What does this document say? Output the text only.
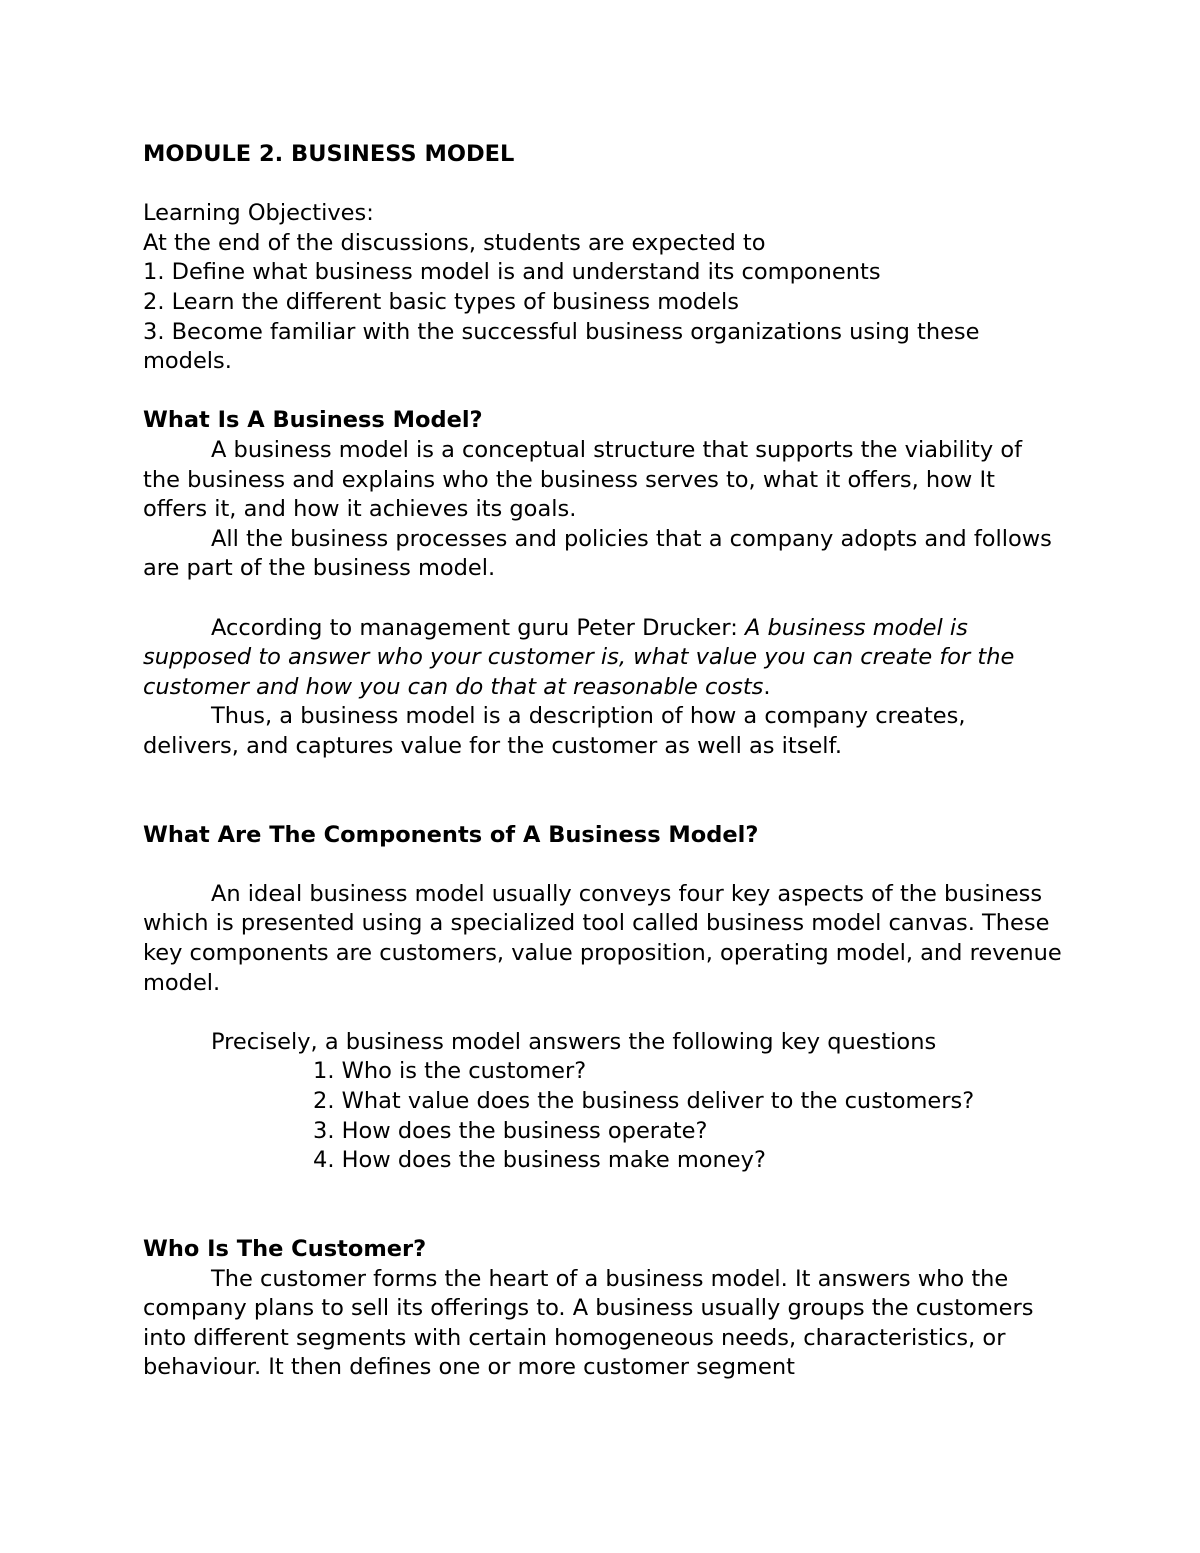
MODULE 2. BUSINESS MODEL

Learning Objectives:

At the end of the discussions, students are expected to

1. Define what business model is and understand its components

2. Learn the different basic types of business models

3. Become familiar with the successful business organizations using these models.

What Is A Business Model?

A business model is a conceptual structure that supports the viability of the business and explains who the business serves to, what it offers, how It offers it, and how it achieves its goals.

All the business processes and policies that a company adopts and follows are part of the business model.

According to management guru Peter Drucker: A business model is supposed to answer who your customer is, what value you can create for the customer and how you can do that at reasonable costs.

Thus, a business model is a description of how a company creates, delivers, and captures value for the customer as well as itself.

What Are The Components of A Business Model?

An ideal business model usually conveys four key aspects of the business which is presented using a specialized tool called business model canvas. These key components are customers, value proposition, operating model, and revenue model.

Precisely, a business model answers the following key questions

1. Who is the customer?
2. What value does the business deliver to the customers?
3. How does the business operate?
4. How does the business make money?

Who Is The Customer?

The customer forms the heart of a business model. It answers who the company plans to sell its offerings to. A business usually groups the customers into different segments with certain homogeneous needs, characteristics, or behaviour. It then defines one or more customer segment
